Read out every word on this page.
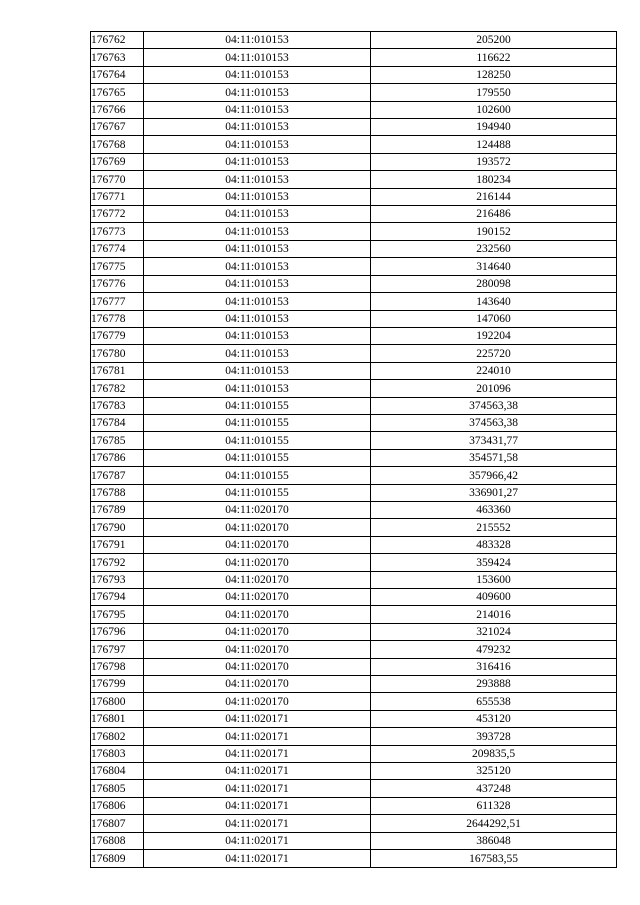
176762	04:11:010153	205200
176763	04:11:010153	116622
176764	04:11:010153	128250
176765	04:11:010153	179550
176766	04:11:010153	102600
176767	04:11:010153	194940
176768	04:11:010153	124488
176769	04:11:010153	193572
176770	04:11:010153	180234
176771	04:11:010153	216144
176772	04:11:010153	216486
176773	04:11:010153	190152
176774	04:11:010153	232560
176775	04:11:010153	314640
176776	04:11:010153	280098
176777	04:11:010153	143640
176778	04:11:010153	147060
176779	04:11:010153	192204
176780	04:11:010153	225720
176781	04:11:010153	224010
176782	04:11:010153	201096
176783	04:11:010155	374563,38
176784	04:11:010155	374563,38
176785	04:11:010155	373431,77
176786	04:11:010155	354571,58
176787	04:11:010155	357966,42
176788	04:11:010155	336901,27
176789	04:11:020170	463360
176790	04:11:020170	215552
176791	04:11:020170	483328
176792	04:11:020170	359424
176793	04:11:020170	153600
176794	04:11:020170	409600
176795	04:11:020170	214016
176796	04:11:020170	321024
176797	04:11:020170	479232
176798	04:11:020170	316416
176799	04:11:020170	293888
176800	04:11:020170	655538
176801	04:11:020171	453120
176802	04:11:020171	393728
176803	04:11:020171	209835,5
176804	04:11:020171	325120
176805	04:11:020171	437248
176806	04:11:020171	611328
176807	04:11:020171	2644292,51
176808	04:11:020171	386048
176809	04:11:020171	167583,55
